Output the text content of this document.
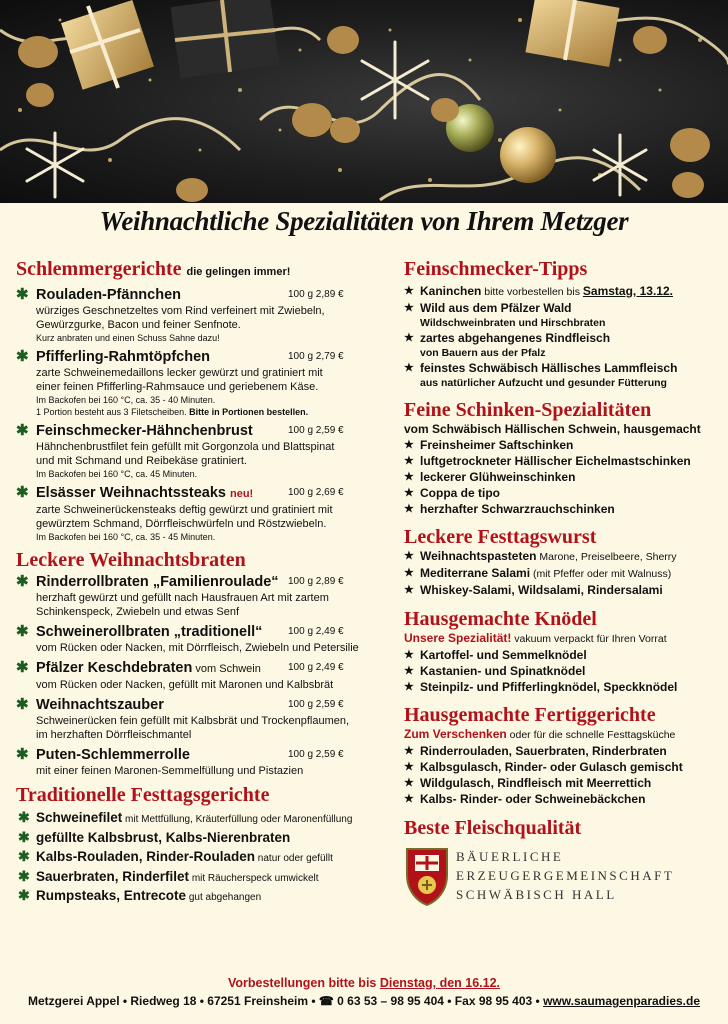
Weihnachtliche Spezialitäten von Ihrem Metzger
Schlemmergerichte die gelingen immer!
✱ Rouladen-Pfännchen	100 g 2,89 €
würziges Geschnetzeltes vom Rind verfeinert mit Zwiebeln,
Gewürzgurke, Bacon und feiner Senfnote.
Kurz anbraten und einen Schuss Sahne dazu!
✱ Pfifferling-Rahmtöpfchen	100 g 2,79 €
zarte Schweinemedaillons lecker gewürzt und gratiniert mit
einer feinen Pfifferling-Rahmsauce und geriebenem Käse.
Im Backofen bei 160 °C, ca. 35 - 40 Minuten.
1 Portion besteht aus 3 Filetscheiben. Bitte in Portionen bestellen.
✱ Feinschmecker-Hähnchenbrust	100 g 2,59 €
Hähnchenbrustfilet fein gefüllt mit Gorgonzola und Blattspinat
und mit Schmand und Reibekäse gratiniert.
Im Backofen bei 160 °C, ca. 45 Minuten.
✱ Elsässer Weihnachtssteaks neu!	100 g 2,69 €
zarte Schweinerückensteaks deftig gewürzt und gratiniert mit
gewürztem Schmand, Dörrfleischwürfeln und Röstzwiebeln.
Im Backofen bei 160 °C, ca. 35 - 45 Minuten.
Leckere Weihnachtsbraten
✱ Rinderrollbraten „Familienroulade“ 100 g 2,89 €
herzhaft gewürzt und gefüllt nach Hausfrauen Art mit zartem
Schinkenspeck, Zwiebeln und etwas Senf
✱ Schweinerollbraten „traditionell“	100 g 2,49 €
vom Rücken oder Nacken, mit Dörrfleisch, Zwiebeln und Petersilie
✱ Pfälzer Keschdebraten vom Schwein	100 g 2,49 €
vom Rücken oder Nacken, gefüllt mit Maronen und Kalbsbrät
✱ Weihnachtszauber	100 g 2,59 €
Schweinerücken fein gefüllt mit Kalbsbrät und Trockenpflaumen,
im herzhaften Dörrfleischmantel
✱ Puten-Schlemmerrolle	100 g 2,59 €
mit einer feinen Maronen-Semmelfüllung und Pistazien
Traditionelle Festtagsgerichte
✱ Schweinefilet mit Mettfüllung, Kräuterfüllung oder Maronenfüllung
✱ gefüllte Kalbsbrust, Kalbs-Nierenbraten
✱ Kalbs-Rouladen, Rinder-Rouladen natur oder gefüllt
✱ Sauerbraten, Rinderfilet mit Räucherspeck umwickelt
✱ Rumpsteaks, Entrecote gut abgehangen
Feinschmecker-Tipps
★ Kaninchen bitte vorbestellen bis Samstag, 13.12.
★ Wild aus dem Pfälzer Wald
Wildschweinbraten und Hirschbraten
★ zartes abgehangenes Rindfleisch
von Bauern aus der Pfalz
★ feinstes Schwäbisch Hällisches Lammfleisch
aus natürlicher Aufzucht und gesunder Fütterung
Feine Schinken-Spezialitäten
vom Schwäbisch Hällischen Schwein, hausgemacht
★ Freinsheimer Saftschinken
★ luftgetrockneter Hällischer Eichelmastschinken
★ leckerer Glühweinschinken
★ Coppa de tipo
★ herzhafter Schwarzrauchschinken
Leckere Festtagswurst
★ Weihnachtspasteten Marone, Preiselbeere, Sherry
★ Mediterrane Salami (mit Pfeffer oder mit Walnuss)
★ Whiskey-Salami, Wildsalami, Rindersalami
Hausgemachte Knödel
Unsere Spezialität! vakuum verpackt für Ihren Vorrat
★ Kartoffel- und Semmelknödel
★ Kastanien- und Spinatknödel
★ Steinpilz- und Pfifferlingknödel, Speckknödel
Hausgemachte Fertiggerichte
Zum Verschenken oder für die schnelle Festtagsküche
★ Rinderrouladen, Sauerbraten, Rinderbraten
★ Kalbsgulasch, Rinder- oder Gulasch gemischt
★ Wildgulasch, Rindfleisch mit Meerrettich
★ Kalbs- Rinder- oder Schweinebäckchen
Beste Fleischqualität
BÄUERLICHE
ERZEUGERGEMEINSCHAFT
SCHWÄBISCH HALL
Vorbestellungen bitte bis Dienstag, den 16.12.
Metzgerei Appel • Riedweg 18 • 67251 Freinsheim • ☎ 0 63 53 – 98 95 404 • Fax 98 95 403 • www.saumagenparadies.de
